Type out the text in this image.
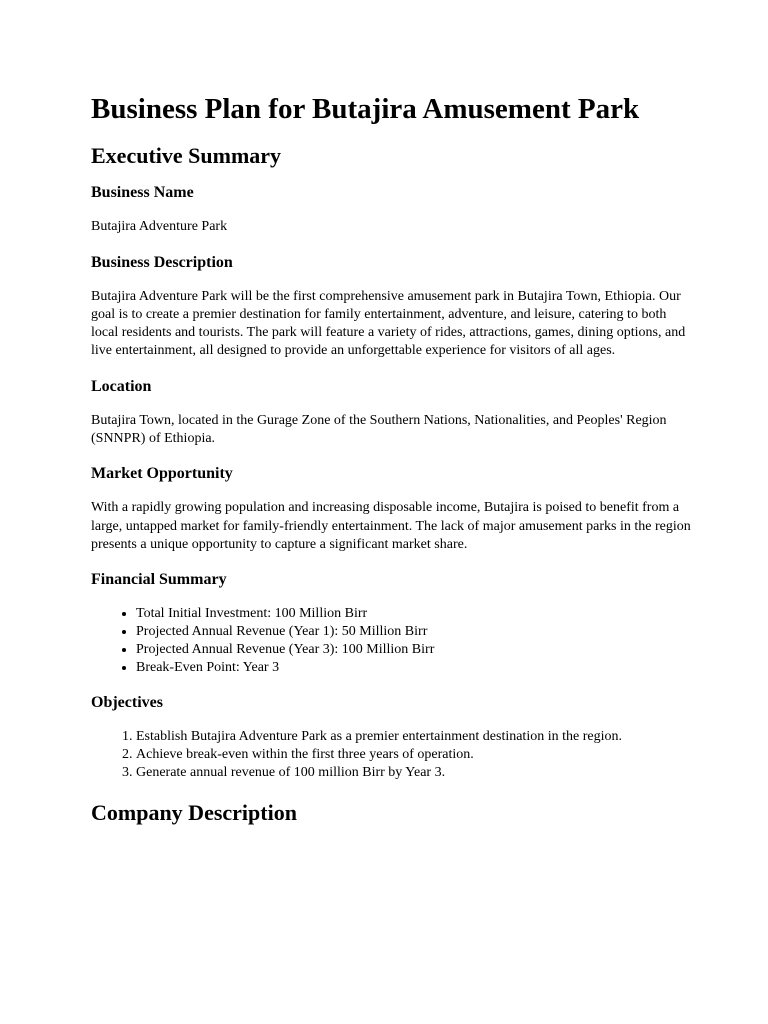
Business Plan for Butajira Amusement Park
Executive Summary
Business Name

Butajira Adventure Park

Business Description

Butajira Adventure Park will be the first comprehensive amusement park in Butajira Town, Ethiopia. Our goal is to create a premier destination for family entertainment, adventure, and leisure, catering to both local residents and tourists. The park will feature a variety of rides, attractions, games, dining options, and live entertainment, all designed to provide an unforgettable experience for visitors of all ages.

Location

Butajira Town, located in the Gurage Zone of the Southern Nations, Nationalities, and Peoples' Region (SNNPR) of Ethiopia.

Market Opportunity

With a rapidly growing population and increasing disposable income, Butajira is poised to benefit from a large, untapped market for family-friendly entertainment. The lack of major amusement parks in the region presents a unique opportunity to capture a significant market share.

Financial Summary
• Total Initial Investment: 100 Million Birr
• Projected Annual Revenue (Year 1): 50 Million Birr
• Projected Annual Revenue (Year 3): 100 Million Birr
• Break-Even Point: Year 3
Objectives
1. Establish Butajira Adventure Park as a premier entertainment destination in the region.
2. Achieve break-even within the first three years of operation.
3. Generate annual revenue of 100 million Birr by Year 3.
Company Description
